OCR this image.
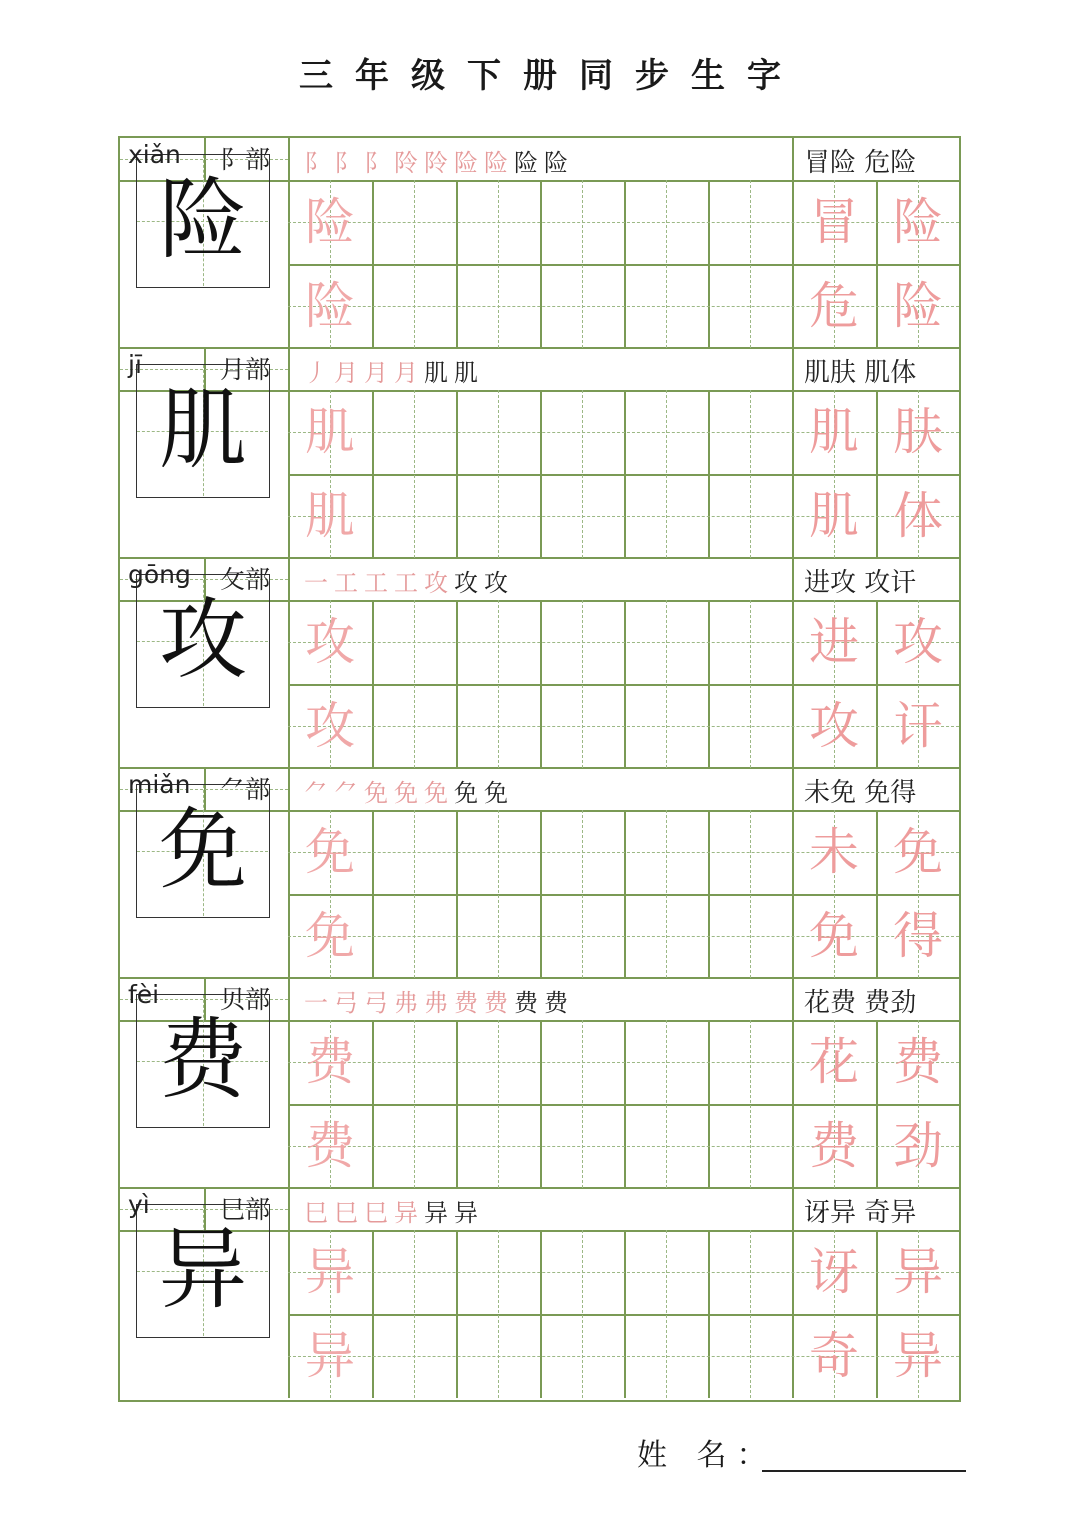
三年级下册同步生字
险
xiǎn 阝部 阝 阝 阝 阾 阾 险 险 险 险	冒险 危险
险
险
冒 险
危 险
肌
jī	月部 丿 月 月 月 肌 肌	肌肤 肌体
肌
肌
肌 肤
肌 体
攻
gōng 攵部 一 工 工 工 攻 攻 攻	进攻 攻讦
攻
攻
进 攻
攻 讦
免
miǎn ⺈部 ⺈ ⺈ 免 免 免 免 免	未免 免得
免
免
未 免
免 得
费
fèi 贝部 一 弓 弓 弗 弗 费 费 费 费	花费 费劲
费
费
花 费
费 劲
异
yì	巳部 巳 巳 巳 异 异 异	讶异 奇异
异
异
讶 异
奇 异
姓 名：
